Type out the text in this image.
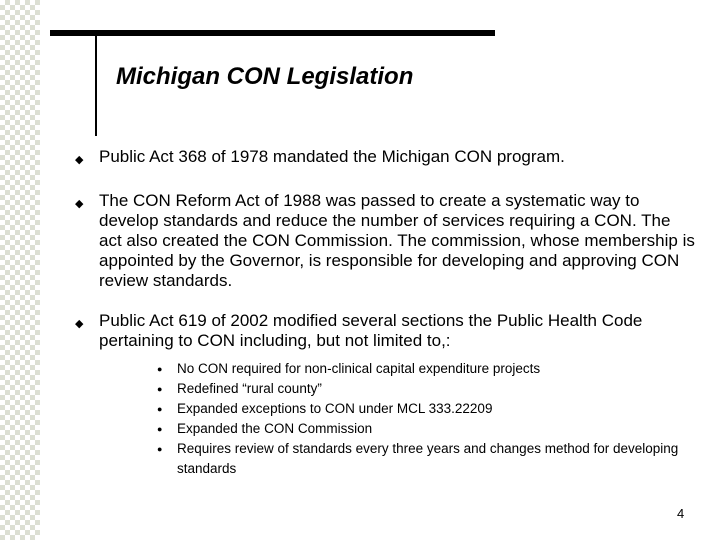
Michigan CON Legislation
◆ Public Act 368 of 1978 mandated the Michigan CON program.
◆ The CON Reform Act of 1988 was passed to create a systematic way to develop standards and reduce the number of services requiring a CON. The act also created the CON Commission. The commission, whose membership is appointed by the Governor, is responsible for developing and approving CON review standards.
◆ Public Act 619 of 2002 modified several sections the Public Health Code pertaining to CON including, but not limited to,:
●	No CON required for non-clinical capital expenditure projects
●	Redefined “rural county”
●	Expanded exceptions to CON under MCL 333.22209
●	Expanded the CON Commission
●	Requires review of standards every three years and changes method for developing standards
4
